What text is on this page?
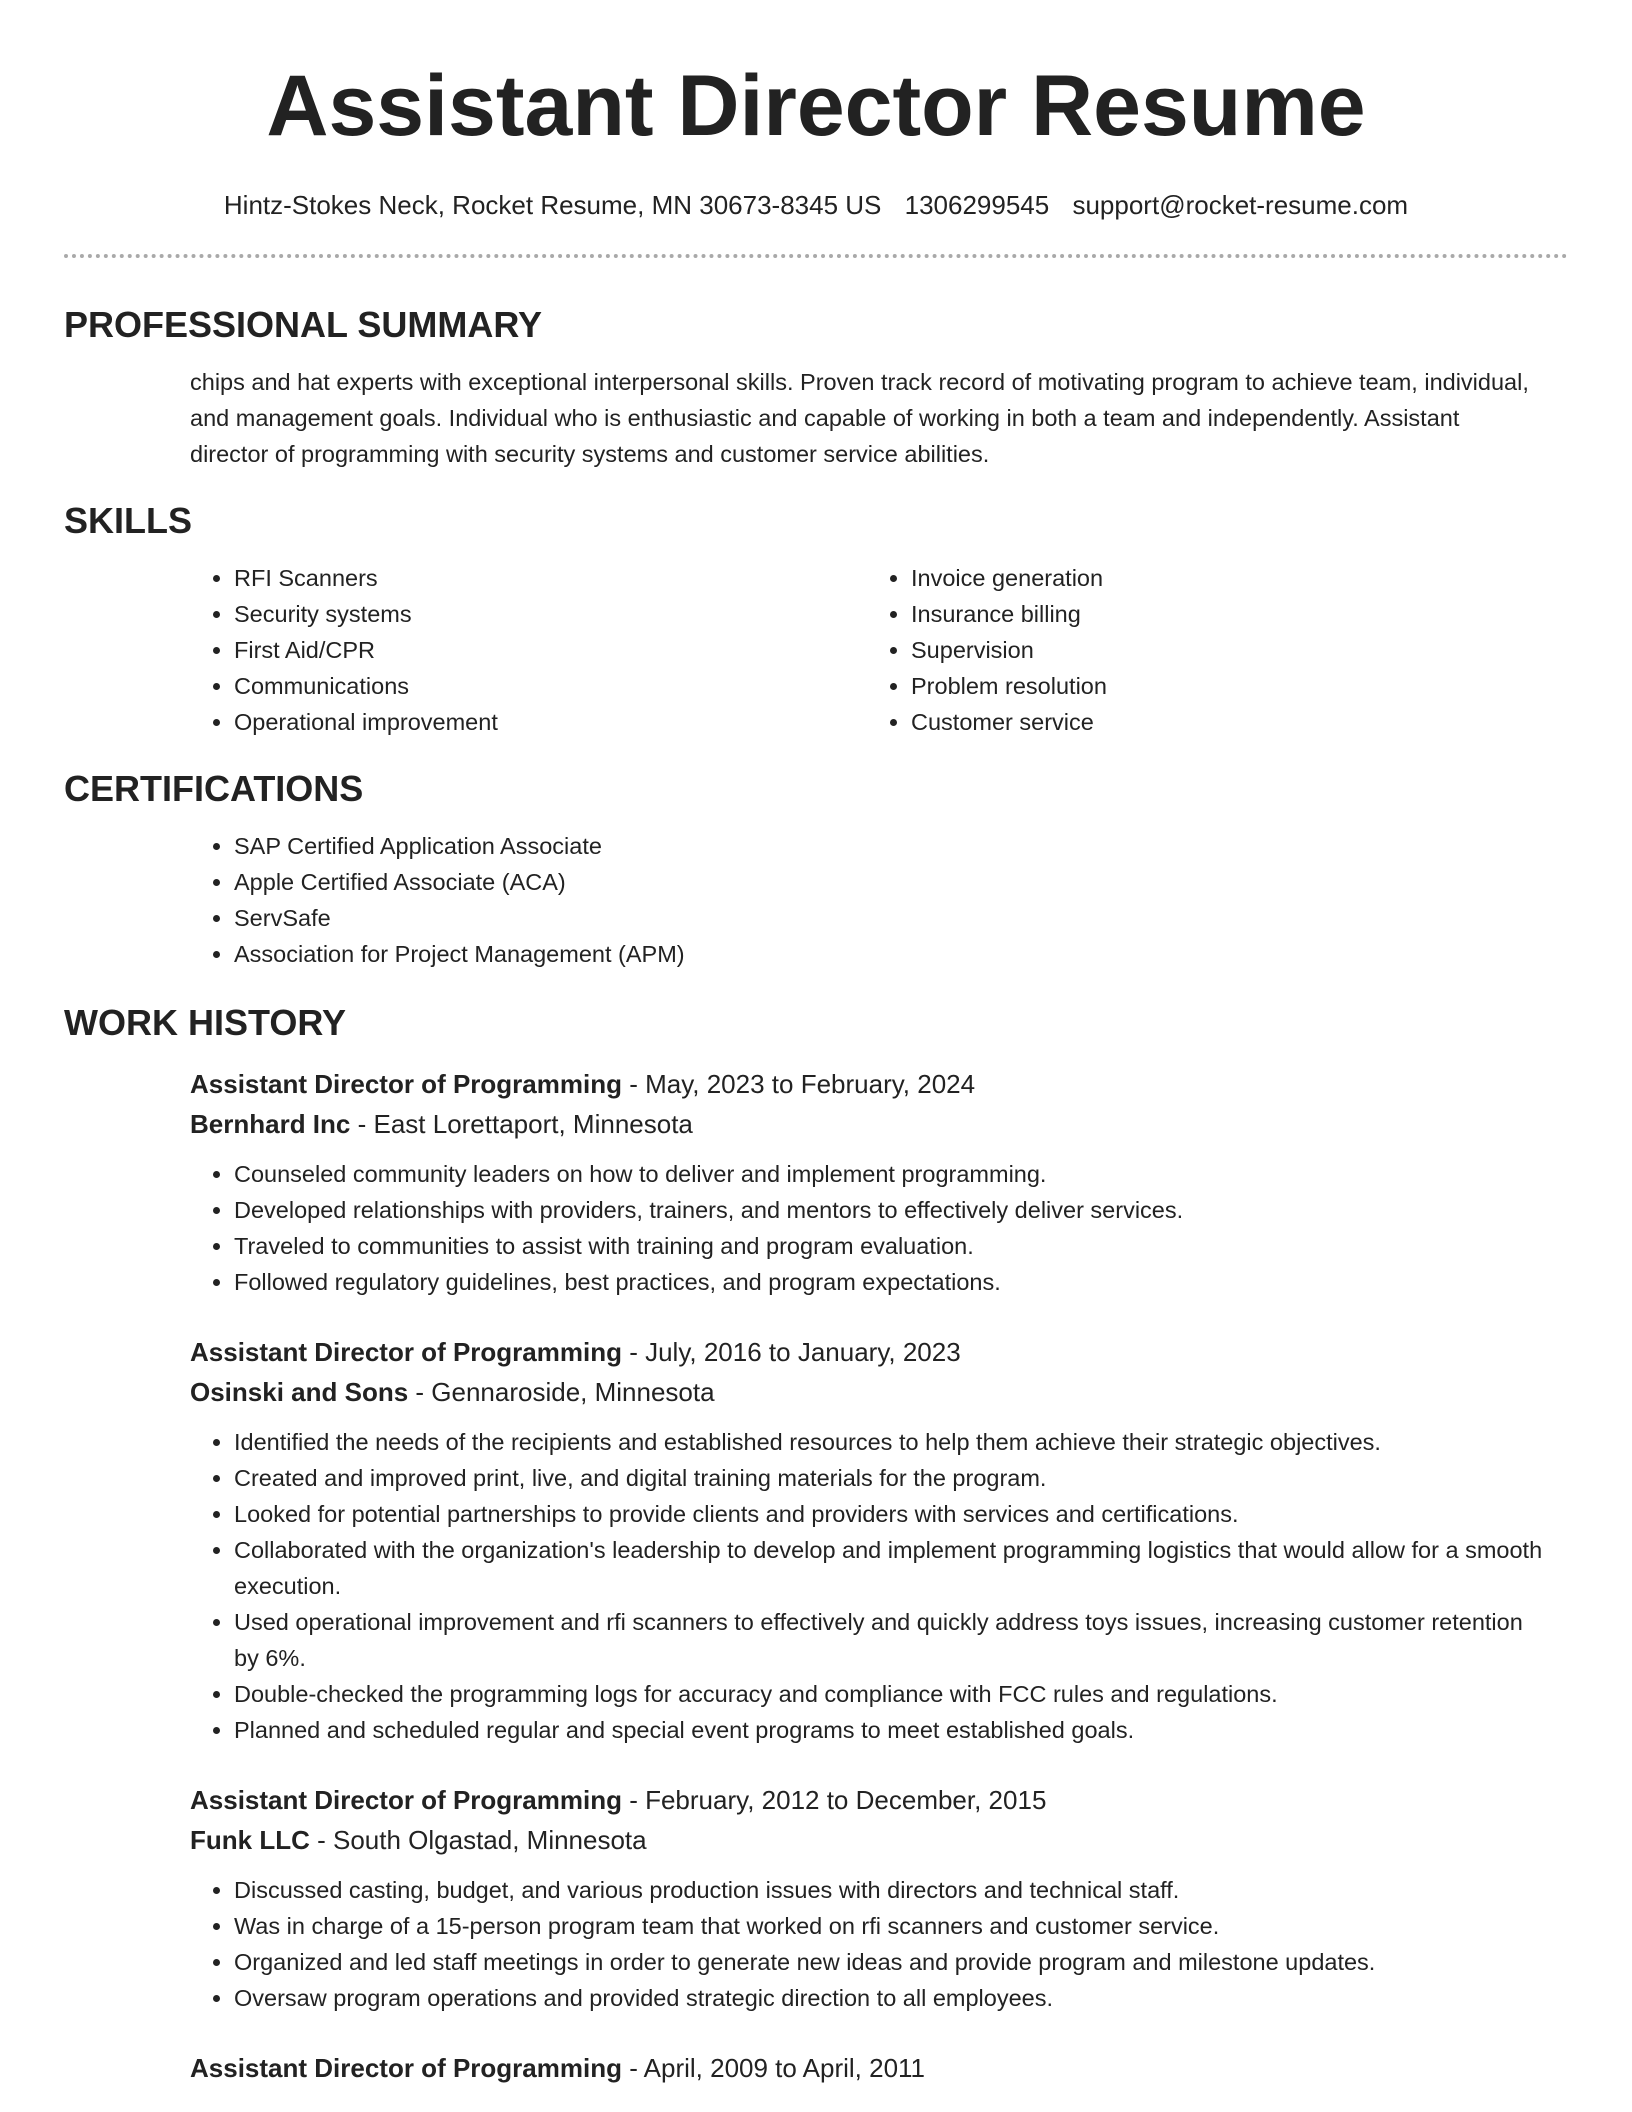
Assistant Director Resume
Hintz-Stokes Neck, Rocket Resume, MN 30673-8345 US 1306299545 support@rocket-resume.com
PROFESSIONAL SUMMARY

chips and hat experts with exceptional interpersonal skills. Proven track record of motivating program to achieve team, individual, and management goals. Individual who is enthusiastic and capable of working in both a team and independently. Assistant director of programming with security systems and customer service abilities.

SKILLS
• RFI Scanners
• Security systems
• First Aid/CPR
• Communications
• Operational improvement
• Invoice generation
• Insurance billing
• Supervision
• Problem resolution
• Customer service
CERTIFICATIONS
• SAP Certified Application Associate
• Apple Certified Associate (ACA)
• ServSafe
• Association for Project Management (APM)
WORK HISTORY
Assistant Director of Programming - May, 2023 to February, 2024
Bernhard Inc - East Lorettaport, Minnesota
• Counseled community leaders on how to deliver and implement programming.
• Developed relationships with providers, trainers, and mentors to effectively deliver services.
• Traveled to communities to assist with training and program evaluation.
• Followed regulatory guidelines, best practices, and program expectations.
Assistant Director of Programming - July, 2016 to January, 2023
Osinski and Sons - Gennaroside, Minnesota
• Identified the needs of the recipients and established resources to help them achieve their strategic objectives.
• Created and improved print, live, and digital training materials for the program.
• Looked for potential partnerships to provide clients and providers with services and certifications.
• Collaborated with the organization's leadership to develop and implement programming logistics that would allow for a smooth execution.
• Used operational improvement and rfi scanners to effectively and quickly address toys issues, increasing customer retention by 6%.
• Double-checked the programming logs for accuracy and compliance with FCC rules and regulations.
• Planned and scheduled regular and special event programs to meet established goals.
Assistant Director of Programming - February, 2012 to December, 2015
Funk LLC - South Olgastad, Minnesota
• Discussed casting, budget, and various production issues with directors and technical staff.
• Was in charge of a 15-person program team that worked on rfi scanners and customer service.
• Organized and led staff meetings in order to generate new ideas and provide program and milestone updates.
• Oversaw program operations and provided strategic direction to all employees.
Assistant Director of Programming - April, 2009 to April, 2011
